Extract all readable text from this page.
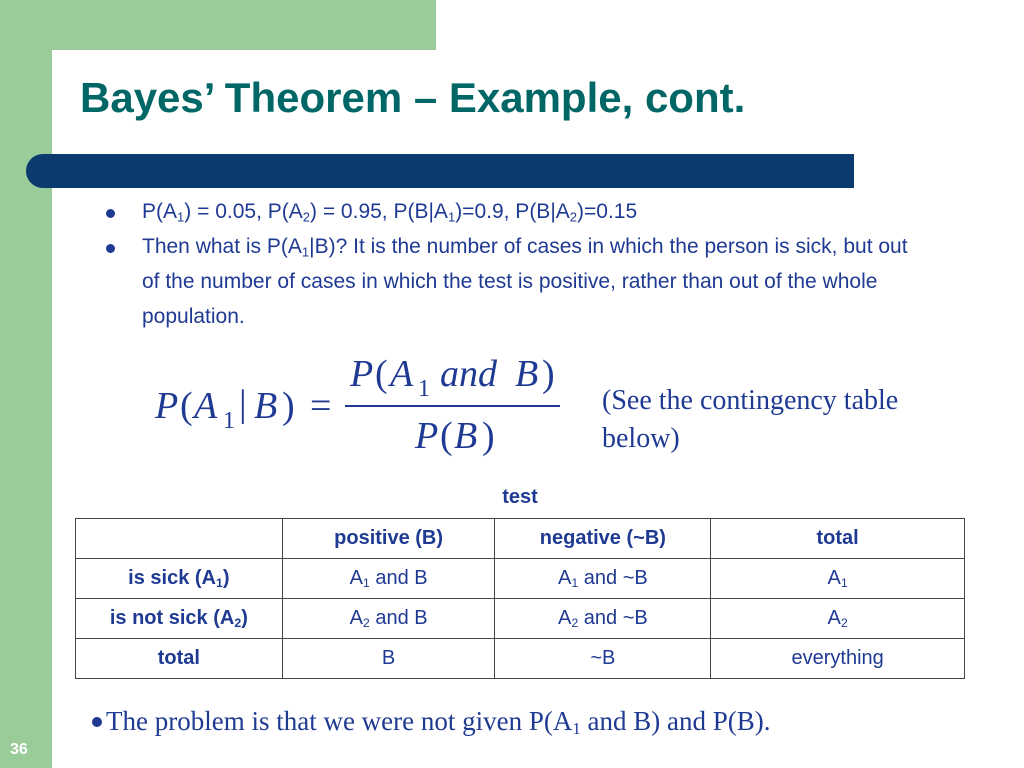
Bayes’ Theorem – Example, cont.
$P(A_1) = 0.05$, $P(A_2) = 0.95$, $P(B|A_1)=0.9$, $P(B|A_2)=0.15$
Then what is $P(A_1|B)$? It is the number of cases in which the person is sick, but out of the number of cases in which the test is positive, rather than out of the whole population.
P ( A 1 | B ) =
P ( A 1 and B )
P ( B )
(See the contingency table below)
test
	positive (B)	negative (~B)	total
is sick $(A_1)$	$A_1$ and B	$A_1$ and ~B	$A_1$
is not sick $(A_2)$	$A_2$ and B	$A_2$ and ~B	$A_2$
total	B	~B	everything

The problem is that we were not given $P(A_1$ and B) and P(B).

36
